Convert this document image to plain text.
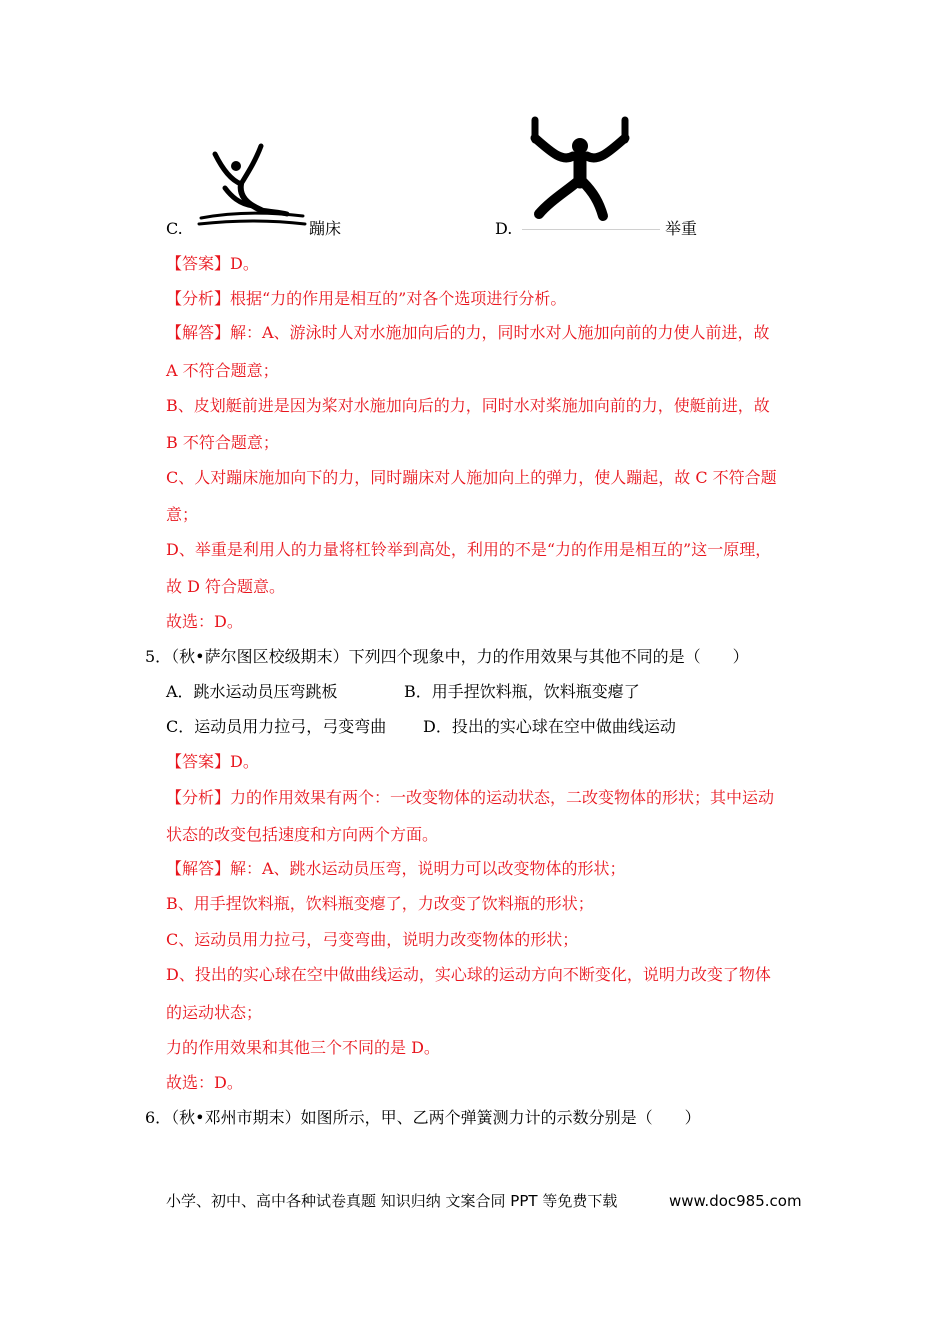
C.	蹦床	D.	举重
【答案】D。
【分析】根据“力的作用是相互的”对各个选项进行分析。
【解答】解：A、游泳时人对水施加向后的力，同时水对人施加向前的力使人前进，故
A 不符合题意；
B、皮划艇前进是因为桨对水施加向后的力，同时水对桨施加向前的力，使艇前进，故
B 不符合题意；
C、人对蹦床施加向下的力，同时蹦床对人施加向上的弹力，使人蹦起，故 C 不符合题
意；
D、举重是利用人的力量将杠铃举到高处，利用的不是“力的作用是相互的”这一原理，
故 D 符合题意。
故选：D。
5．（秋•萨尔图区校级期末）下列四个现象中，力的作用效果与其他不同的是（　　）
A．跳水运动员压弯跳板	B．用手捏饮料瓶，饮料瓶变瘪了
C．运动员用力拉弓，弓变弯曲 D．投出的实心球在空中做曲线运动
【答案】D。
【分析】力的作用效果有两个：一改变物体的运动状态，二改变物体的形状；其中运动
状态的改变包括速度和方向两个方面。
【解答】解：A、跳水运动员压弯，说明力可以改变物体的形状；
B、用手捏饮料瓶，饮料瓶变瘪了，力改变了饮料瓶的形状；
C、运动员用力拉弓，弓变弯曲，说明力改变物体的形状；
D、投出的实心球在空中做曲线运动，实心球的运动方向不断变化，说明力改变了物体
的运动状态；
力的作用效果和其他三个不同的是 D。
故选：D。
6．（秋•邓州市期末）如图所示，甲、乙两个弹簧测力计的示数分别是（　　）
小学、初中、高中各种试卷真题 知识归纳 文案合同 PPT 等免费下载	www.doc985.com
